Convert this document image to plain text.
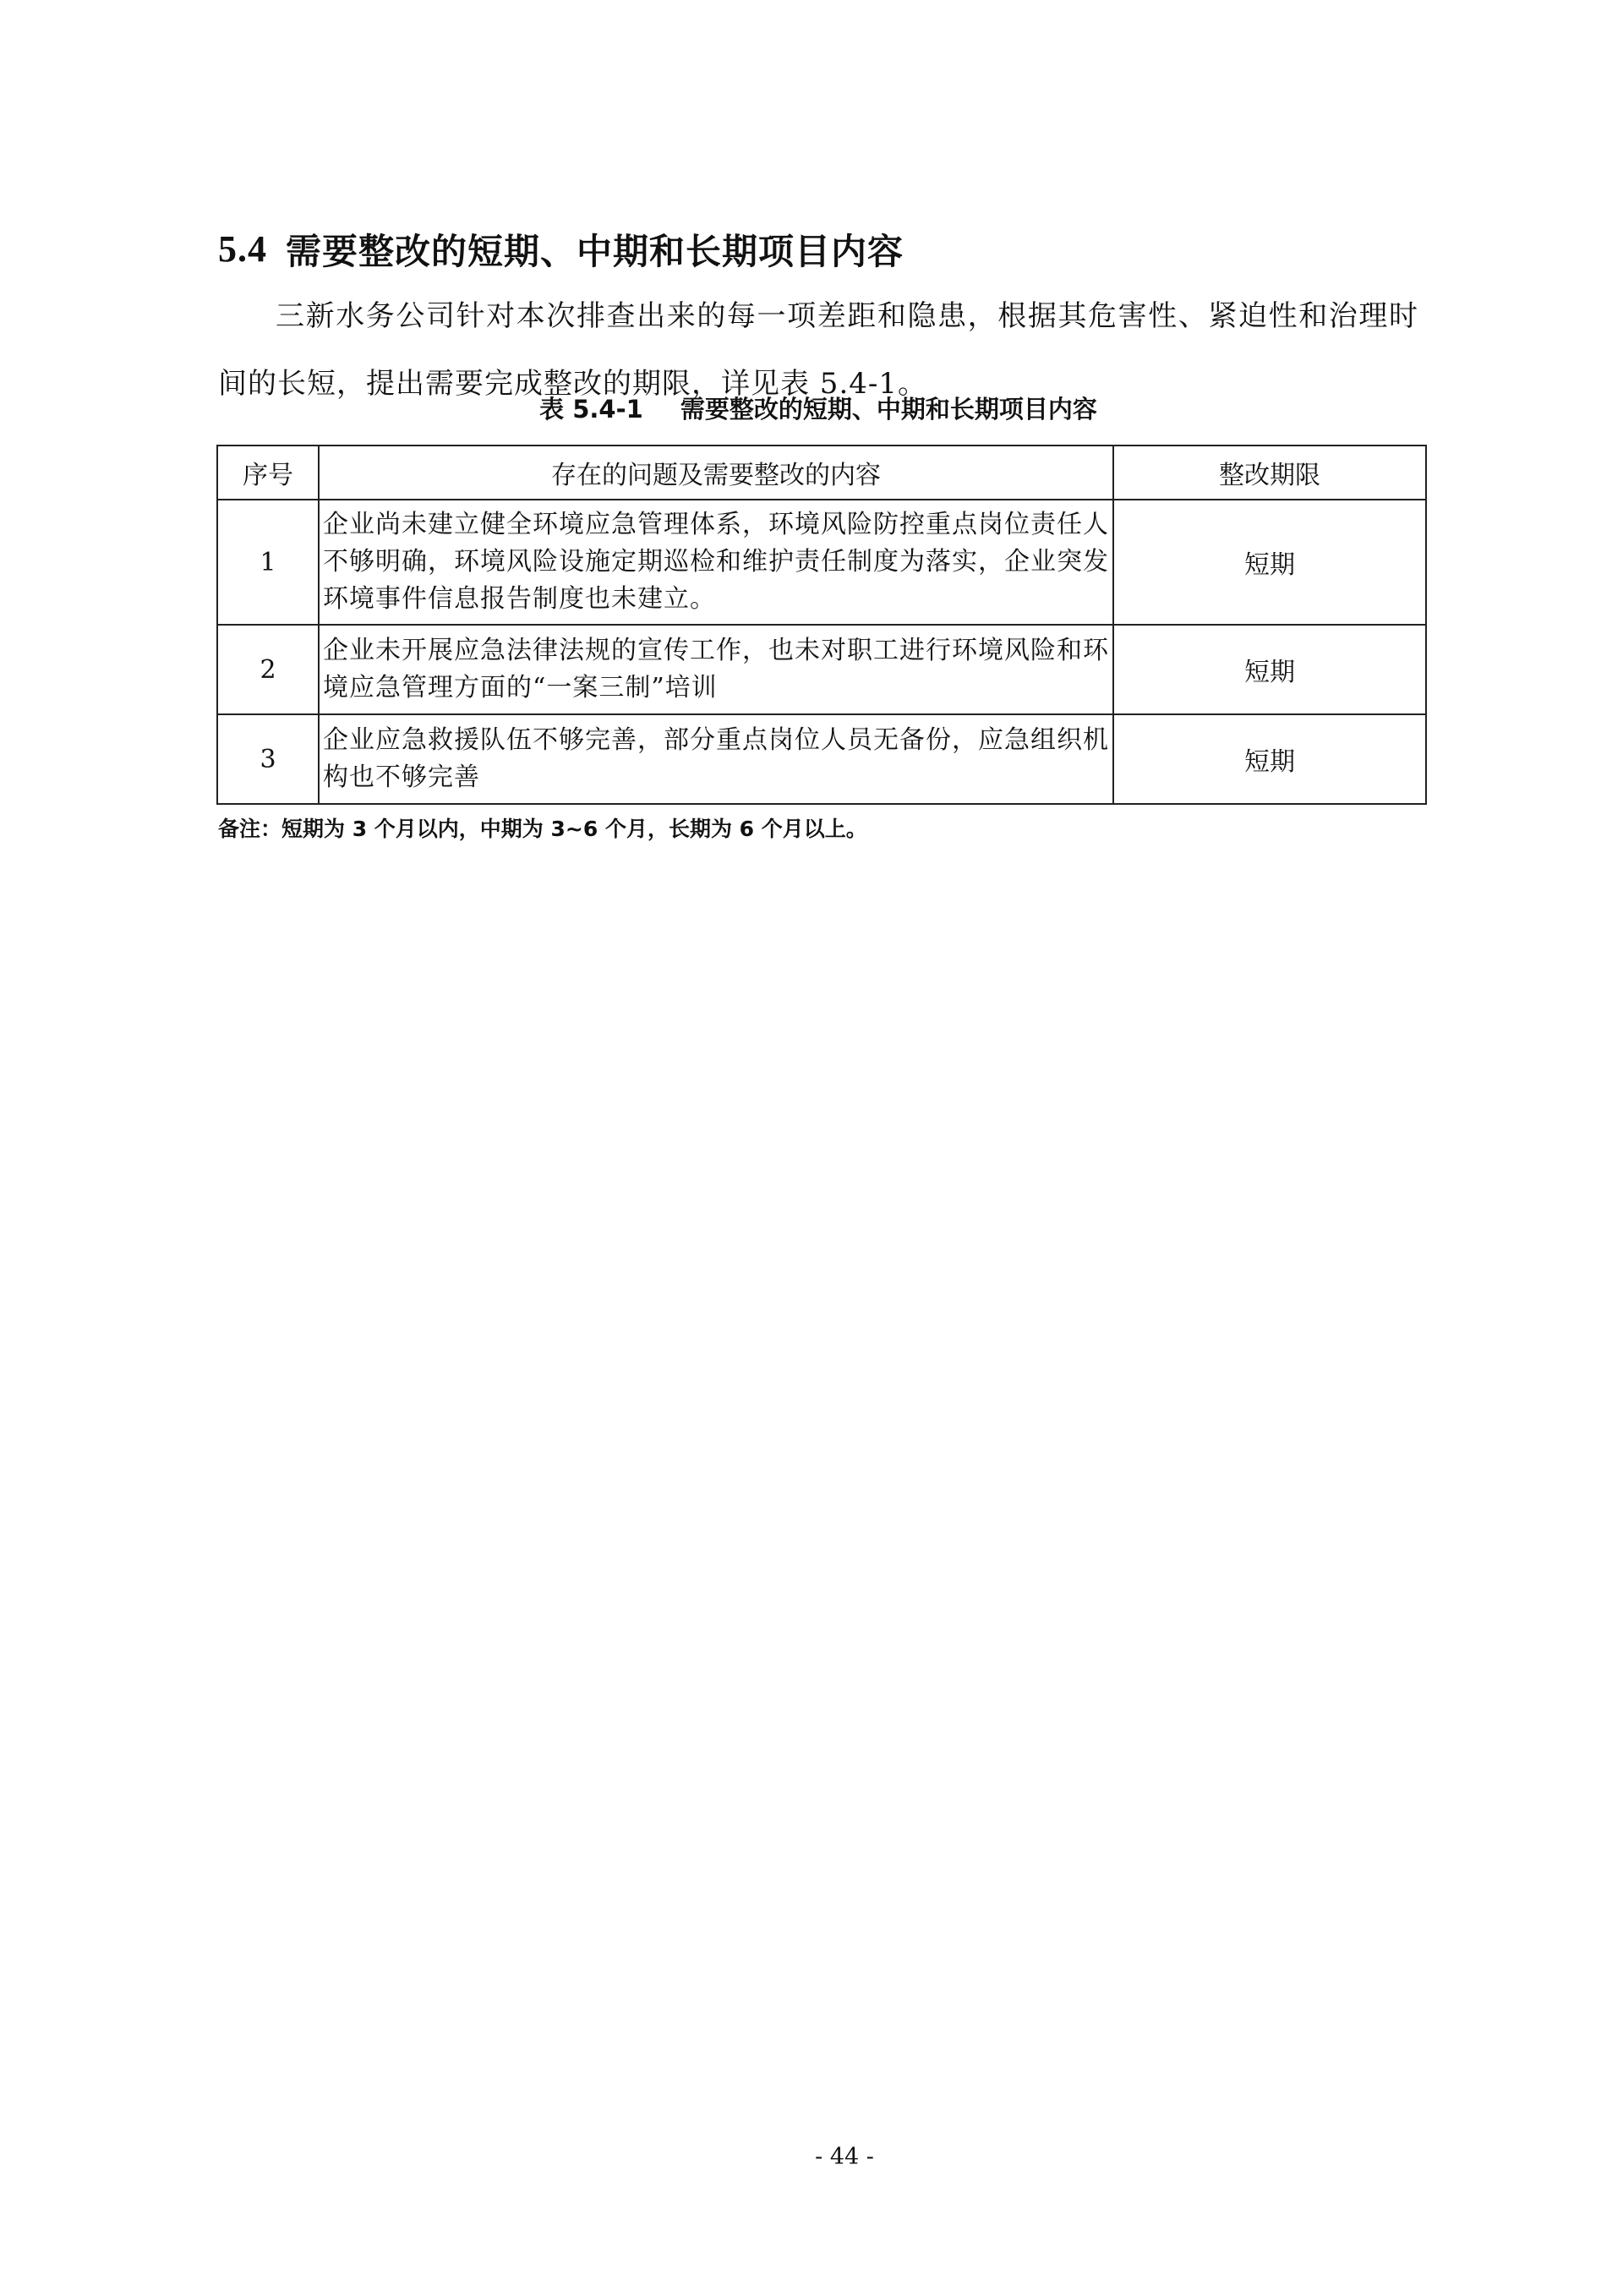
5.4 需要整改的短期、中期和长期项目内容

三新水务公司针对本次排查出来的每一项差距和隐患，根据其危害性、紧迫性和治理时间的长短，提出需要完成整改的期限，详见表 5.4-1。

表 5.4-1 需要整改的短期、中期和长期项目内容
序号	存在的问题及需要整改的内容	整改期限
1	企业尚未建立健全环境应急管理体系，环境风险防控重点岗位责任人不够明确，环境风险设施定期巡检和维护责任制度为落实，企业突发环境事件信息报告制度也未建立。	短期
2	企业未开展应急法律法规的宣传工作，也未对职工进行环境风险和环境应急管理方面的“一案三制”培训	短期
3	企业应急救援队伍不够完善，部分重点岗位人员无备份，应急组织机构也不够完善	短期
备注：短期为 3 个月以内，中期为 3~6 个月，长期为 6 个月以上。
- 44 -
